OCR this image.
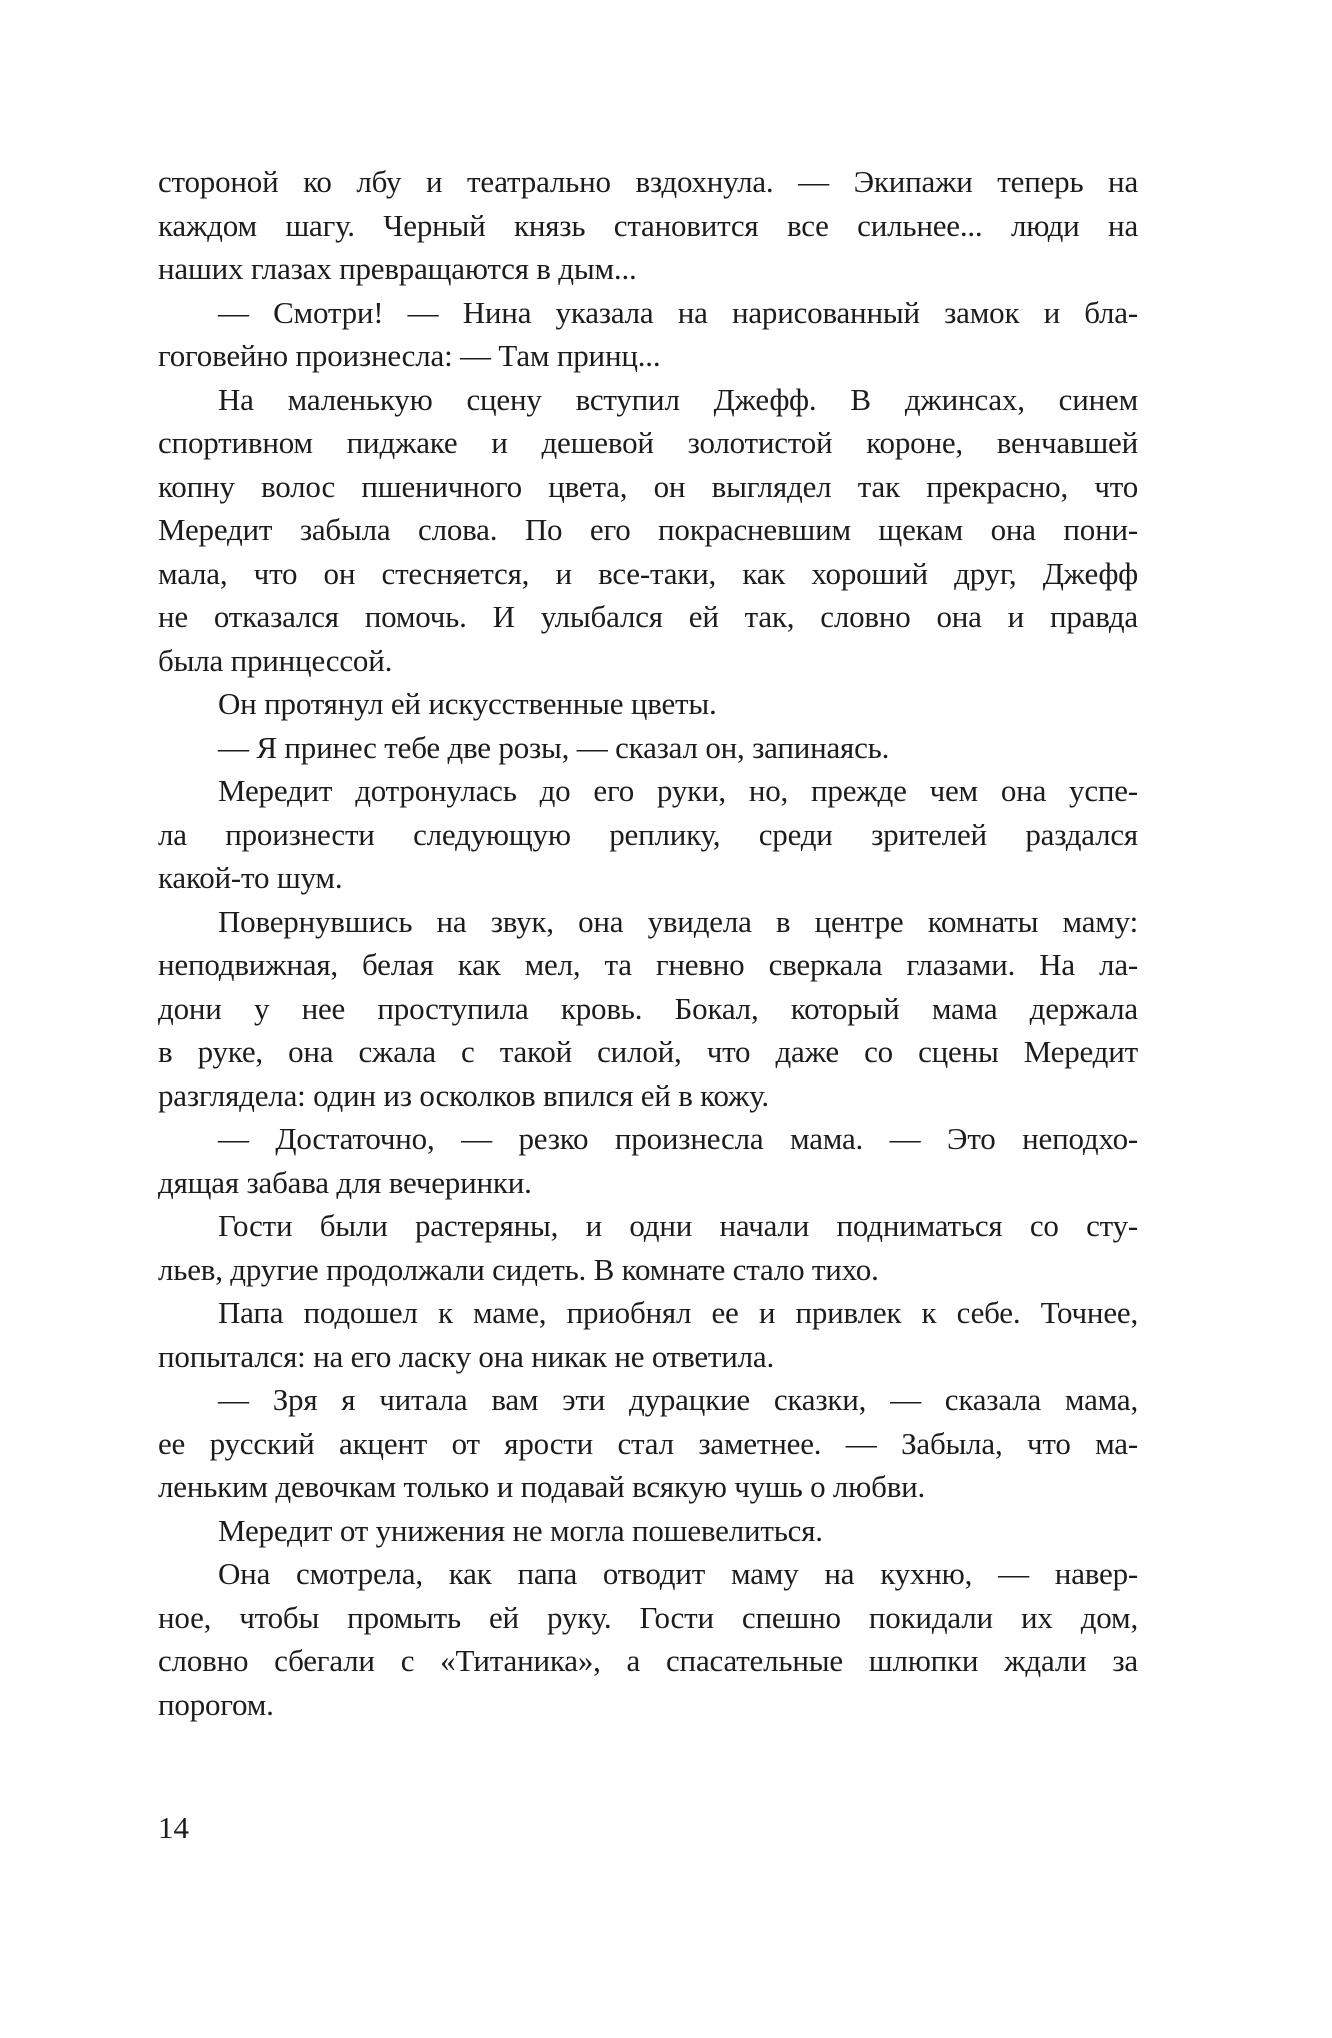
стороной ко лбу и театрально вздохнула. — Экипажи теперь на
каждом шагу. Черный князь становится все сильнее... люди на
наших глазах превращаются в дым...
— Смотри! — Нина указала на нарисованный замок и бла-
гоговейно произнесла: — Там принц...
На маленькую сцену вступил Джефф. В джинсах, синем
спортивном пиджаке и дешевой золотистой короне, венчавшей
копну волос пшеничного цвета, он выглядел так прекрасно, что
Мередит забыла слова. По его покрасневшим щекам она пони-
мала, что он стесняется, и все-таки, как хороший друг, Джефф
не отказался помочь. И улыбался ей так, словно она и правда
была принцессой.
Он протянул ей искусственные цветы.
— Я принес тебе две розы, — сказал он, запинаясь.
Мередит дотронулась до его руки, но, прежде чем она успе-
ла произнести следующую реплику, среди зрителей раздался
какой-то шум.
Повернувшись на звук, она увидела в центре комнаты маму:
неподвижная, белая как мел, та гневно сверкала глазами. На ла-
дони у нее проступила кровь. Бокал, который мама держала
в руке, она сжала с такой силой, что даже со сцены Мередит
разглядела: один из осколков впился ей в кожу.
— Достаточно, — резко произнесла мама. — Это неподхо-
дящая забава для вечеринки.
Гости были растеряны, и одни начали подниматься со сту-
льев, другие продолжали сидеть. В комнате стало тихо.
Папа подошел к маме, приобнял ее и привлек к себе. Точнее,
попытался: на его ласку она никак не ответила.
— Зря я читала вам эти дурацкие сказки, — сказала мама,
ее русский акцент от ярости стал заметнее. — Забыла, что ма-
леньким девочкам только и подавай всякую чушь о любви.
Мередит от унижения не могла пошевелиться.
Она смотрела, как папа отводит маму на кухню, — навер-
ное, чтобы промыть ей руку. Гости спешно покидали их дом,
словно сбегали с «Титаника», а спасательные шлюпки ждали за
порогом.
14
